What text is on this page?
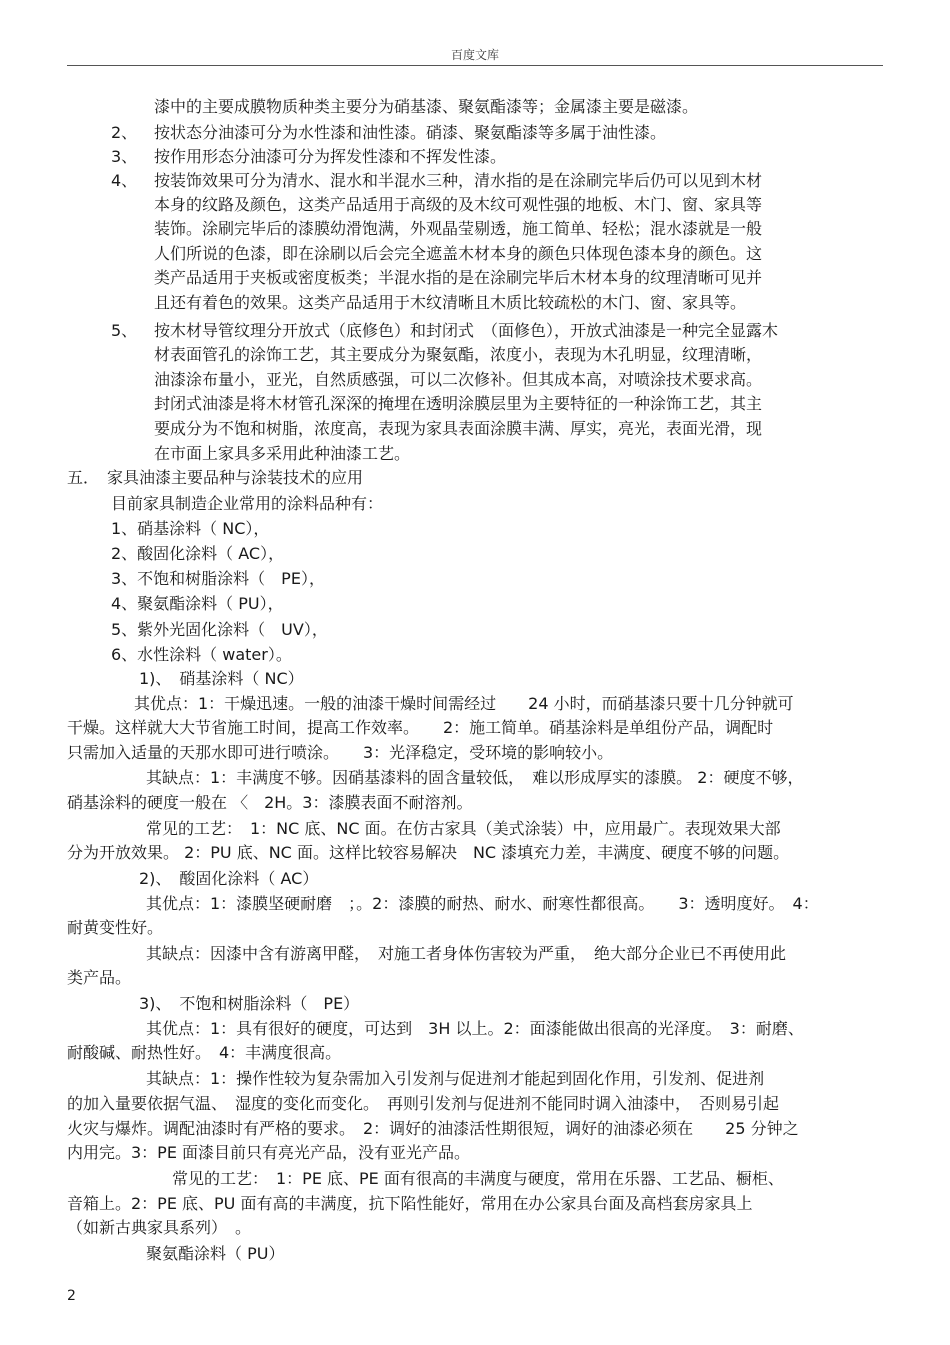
百度文库
2、
3、
4、
5、
按状态分油漆可分为水性漆和油性漆。硝漆、聚氨酯漆等多属于油性漆。
按作用形态分油漆可分为挥发性漆和不挥发性漆。
按装饰效果可分为清水、混水和半混水三种，清水指的是在涂刷完毕后仍可以见到木材
按木材导管纹理分开放式（底修色）和封闭式　（面修色），开放式油漆是一种完全显露木
漆中的主要成膜物质种类主要分为硝基漆、聚氨酯漆等；金属漆主要是磁漆。
本身的纹路及颜色，这类产品适用于高级的及木纹可观性强的地板、木门、窗、家具等
装饰。涂刷完毕后的漆膜幼滑饱满，外观晶莹剔透，施工简单、轻松；混水漆就是一般
人们所说的色漆，即在涂刷以后会完全遮盖木材本身的颜色只体现色漆本身的颜色。这
类产品适用于夹板或密度板类；半混水指的是在涂刷完毕后木材本身的纹理清晰可见并
且还有着色的效果。这类产品适用于木纹清晰且木质比较疏松的木门、窗、家具等。
材表面管孔的涂饰工艺，其主要成分为聚氨酯，浓度小，表现为木孔明显，纹理清晰，
油漆涂布量小，亚光，自然质感强，可以二次修补。但其成本高，对喷涂技术要求高。
封闭式油漆是将木材管孔深深的掩埋在透明涂膜层里为主要特征的一种涂饰工艺，其主
要成分为不饱和树脂，浓度高，表现为家具表面涂膜丰满、厚实，亮光，表面光滑，现
在市面上家具多采用此种油漆工艺。
五．　家具油漆主要品种与涂装技术的应用
目前家具制造企业常用的涂料品种有：
1、硝基涂料（ NC），
2、酸固化涂料（ AC），
3、不饱和树脂涂料（　PE），
4、聚氨酯涂料（ PU），
5、紫外光固化涂料（　UV），
6、水性涂料（ water）。
1)、　硝基涂料（ NC）
其优点：1：干燥迅速。一般的油漆干燥时间需经过　　24 小时，而硝基漆只要十几分钟就可
干燥。这样就大大节省施工时间，提高工作效率。　　2：施工简单。硝基涂料是单组份产品，调配时
只需加入适量的天那水即可进行喷涂。　　3：光泽稳定，受环境的影响较小。
其缺点：1：丰满度不够。因硝基漆料的固含量较低，　难以形成厚实的漆膜。 2：硬度不够，
硝基涂料的硬度一般在 〈　2H。3：漆膜表面不耐溶剂。
常见的工艺：　1：NC 底、NC 面。在仿古家具（美式涂装）中，应用最广。表现效果大部
分为开放效果。 2：PU 底、NC 面。这样比较容易解决　NC 漆填充力差，丰满度、硬度不够的问题。
2)、　酸固化涂料（ AC）
其优点：1：漆膜坚硬耐磨　；。2：漆膜的耐热、耐水、耐寒性都很高。　　3：透明度好。　4：
耐黄变性好。
其缺点：因漆中含有游离甲醛，　对施工者身体伤害较为严重，　绝大部分企业已不再使用此
类产品。
3)、　不饱和树脂涂料（　PE）
其优点：1：具有很好的硬度，可达到　3H 以上。2：面漆能做出很高的光泽度。　3：耐磨、
耐酸碱、耐热性好。　4：丰满度很高。
其缺点：1：操作性较为复杂需加入引发剂与促进剂才能起到固化作用，引发剂、促进剂
的加入量要依据气温、　湿度的变化而变化。　再则引发剂与促进剂不能同时调入油漆中，　否则易引起
火灾与爆炸。调配油漆时有严格的要求。　2：调好的油漆活性期很短，调好的油漆必须在　　25 分钟之
内用完。3：PE 面漆目前只有亮光产品，没有亚光产品。
常见的工艺：　1：PE 底、PE 面有很高的丰满度与硬度，常用在乐器、工艺品、橱柜、
音箱上。2：PE 底、PU 面有高的丰满度，抗下陷性能好，常用在办公家具台面及高档套房家具上
（如新古典家具系列）　。
聚氨酯涂料（ PU）
2
